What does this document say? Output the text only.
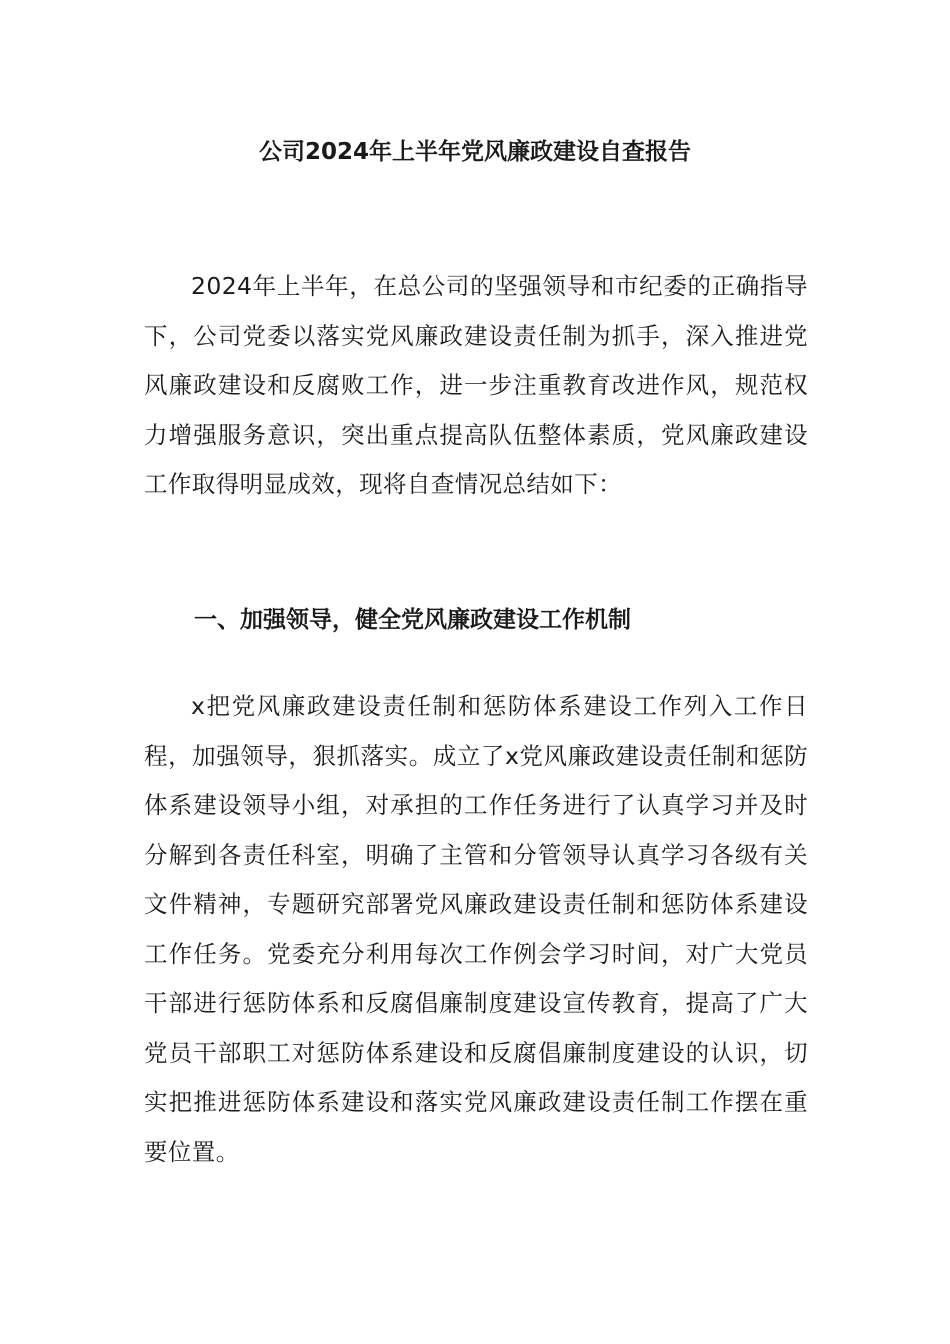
公司2024年上半年党风廉政建设自查报告

2024年上半年，在总公司的坚强领导和市纪委的正确指导下，公司党委以落实党风廉政建设责任制为抓手，深入推进党风廉政建设和反腐败工作，进一步注重教育改进作风，规范权力增强服务意识，突出重点提高队伍整体素质，党风廉政建设工作取得明显成效，现将自查情况总结如下：

一、加强领导，健全党风廉政建设工作机制

x把党风廉政建设责任制和惩防体系建设工作列入工作日程，加强领导，狠抓落实。成立了x党风廉政建设责任制和惩防体系建设领导小组，对承担的工作任务进行了认真学习并及时分解到各责任科室，明确了主管和分管领导认真学习各级有关文件精神，专题研究部署党风廉政建设责任制和惩防体系建设工作任务。党委充分利用每次工作例会学习时间，对广大党员干部进行惩防体系和反腐倡廉制度建设宣传教育，提高了广大党员干部职工对惩防体系建设和反腐倡廉制度建设的认识，切实把推进惩防体系建设和落实党风廉政建设责任制工作摆在重要位置。
